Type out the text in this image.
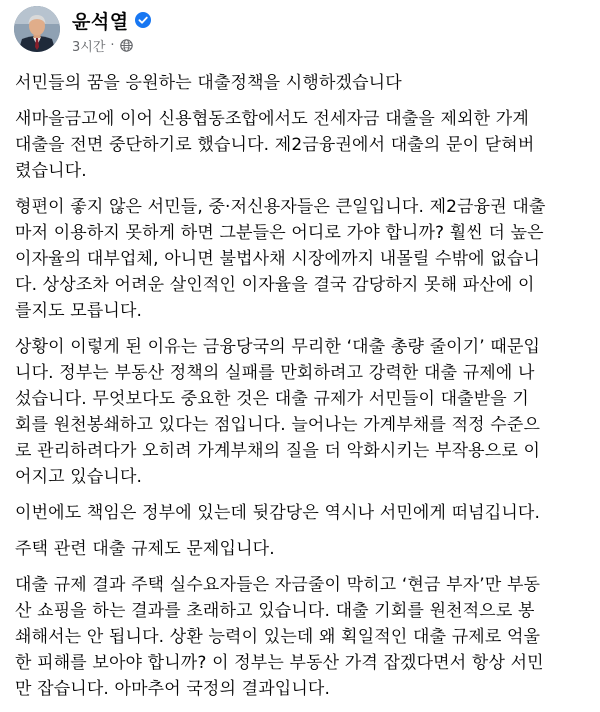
윤석열
3시간 ·

서민들의 꿈을 응원하는 대출정책을 시행하겠습니다

새마을금고에 이어 신용협동조합에서도 전세자금 대출을 제외한 가계
대출을 전면 중단하기로 했습니다. 제2금융권에서 대출의 문이 닫혀버
렸습니다.

형편이 좋지 않은 서민들, 중·저신용자들은 큰일입니다. 제2금융권 대출
마저 이용하지 못하게 하면 그분들은 어디로 가야 합니까? 훨씬 더 높은
이자율의 대부업체, 아니면 불법사채 시장에까지 내몰릴 수밖에 없습니
다. 상상조차 어려운 살인적인 이자율을 결국 감당하지 못해 파산에 이
를지도 모릅니다.

상황이 이렇게 된 이유는 금융당국의 무리한 ‘대출 총량 줄이기’ 때문입
니다. 정부는 부동산 정책의 실패를 만회하려고 강력한 대출 규제에 나
섰습니다. 무엇보다도 중요한 것은 대출 규제가 서민들이 대출받을 기
회를 원천봉쇄하고 있다는 점입니다. 늘어나는 가계부채를 적정 수준으
로 관리하려다가 오히려 가계부채의 질을 더 악화시키는 부작용으로 이
어지고 있습니다.

이번에도 책임은 정부에 있는데 뒷감당은 역시나 서민에게 떠넘깁니다.

주택 관련 대출 규제도 문제입니다.

대출 규제 결과 주택 실수요자들은 자금줄이 막히고 ‘현금 부자’만 부동
산 쇼핑을 하는 결과를 초래하고 있습니다. 대출 기회를 원천적으로 봉
쇄해서는 안 됩니다. 상환 능력이 있는데 왜 획일적인 대출 규제로 억울
한 피해를 보아야 합니까? 이 정부는 부동산 가격 잡겠다면서 항상 서민
만 잡습니다. 아마추어 국정의 결과입니다.
